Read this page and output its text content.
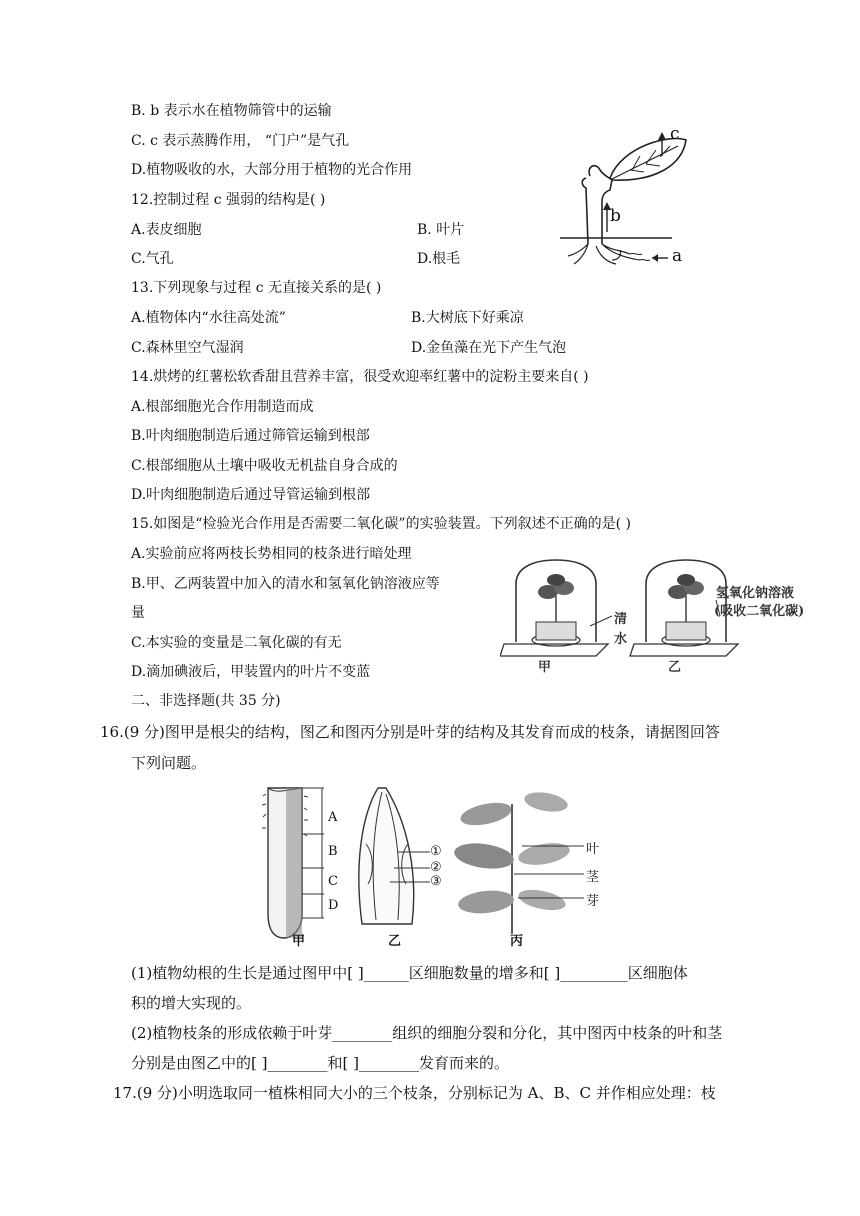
B. b 表示水在植物筛管中的运输
C. c 表示蒸腾作用， “门户”是气孔
D.植物吸收的水，大部分用于植物的光合作用
c
b
a
12.控制过程 c 强弱的结构是( )
A.表皮细胞	B. 叶片
C.气孔	D.根毛
13.下列现象与过程 c 无直接关系的是( )
A.植物体内“水往高处流”	B.大树底下好乘凉
C.森林里空气湿润	D.金鱼藻在光下产生气泡
14.烘烤的红薯松软香甜且营养丰富，很受欢迎率红薯中的淀粉主要来自( )
A.根部细胞光合作用制造而成
B.叶肉细胞制造后通过筛管运输到根部
C.根部细胞从土壤中吸收无机盐自身合成的
D.叶肉细胞制造后通过导管运输到根部
15.如图是“检验光合作用是否需要二氧化碳”的实验装置。下列叙述不正确的是( )
A.实验前应将两枝长势相同的枝条进行暗处理
B.甲、乙两装置中加入的清水和氢氧化钠溶液应等
量
C.本实验的变量是二氧化碳的有无
D.滴加碘液后，甲装置内的叶片不变蓝
清
水
氢氧化钠溶液
(吸收二氧化碳)
甲	乙
二、非选择题(共 35 分)
16.(9 分)图甲是根尖的结构，图乙和图丙分别是叶芽的结构及其发育而成的枝条，请据图回答
下列问题。
A
B
C
D
①
②
③
叶
茎
芽
甲	乙	丙
(1)植物幼根的生长是通过图甲中[ ]______区细胞数量的增多和[ ]_________区细胞体
积的增大实现的。
(2)植物枝条的形成依赖于叶芽________组织的细胞分裂和分化，其中图丙中枝条的叶和茎
分别是由图乙中的[ ]________和[ ]________发育而来的。
17.(9 分)小明选取同一植株相同大小的三个枝条，分别标记为 A、B、C 并作相应处理：枝
